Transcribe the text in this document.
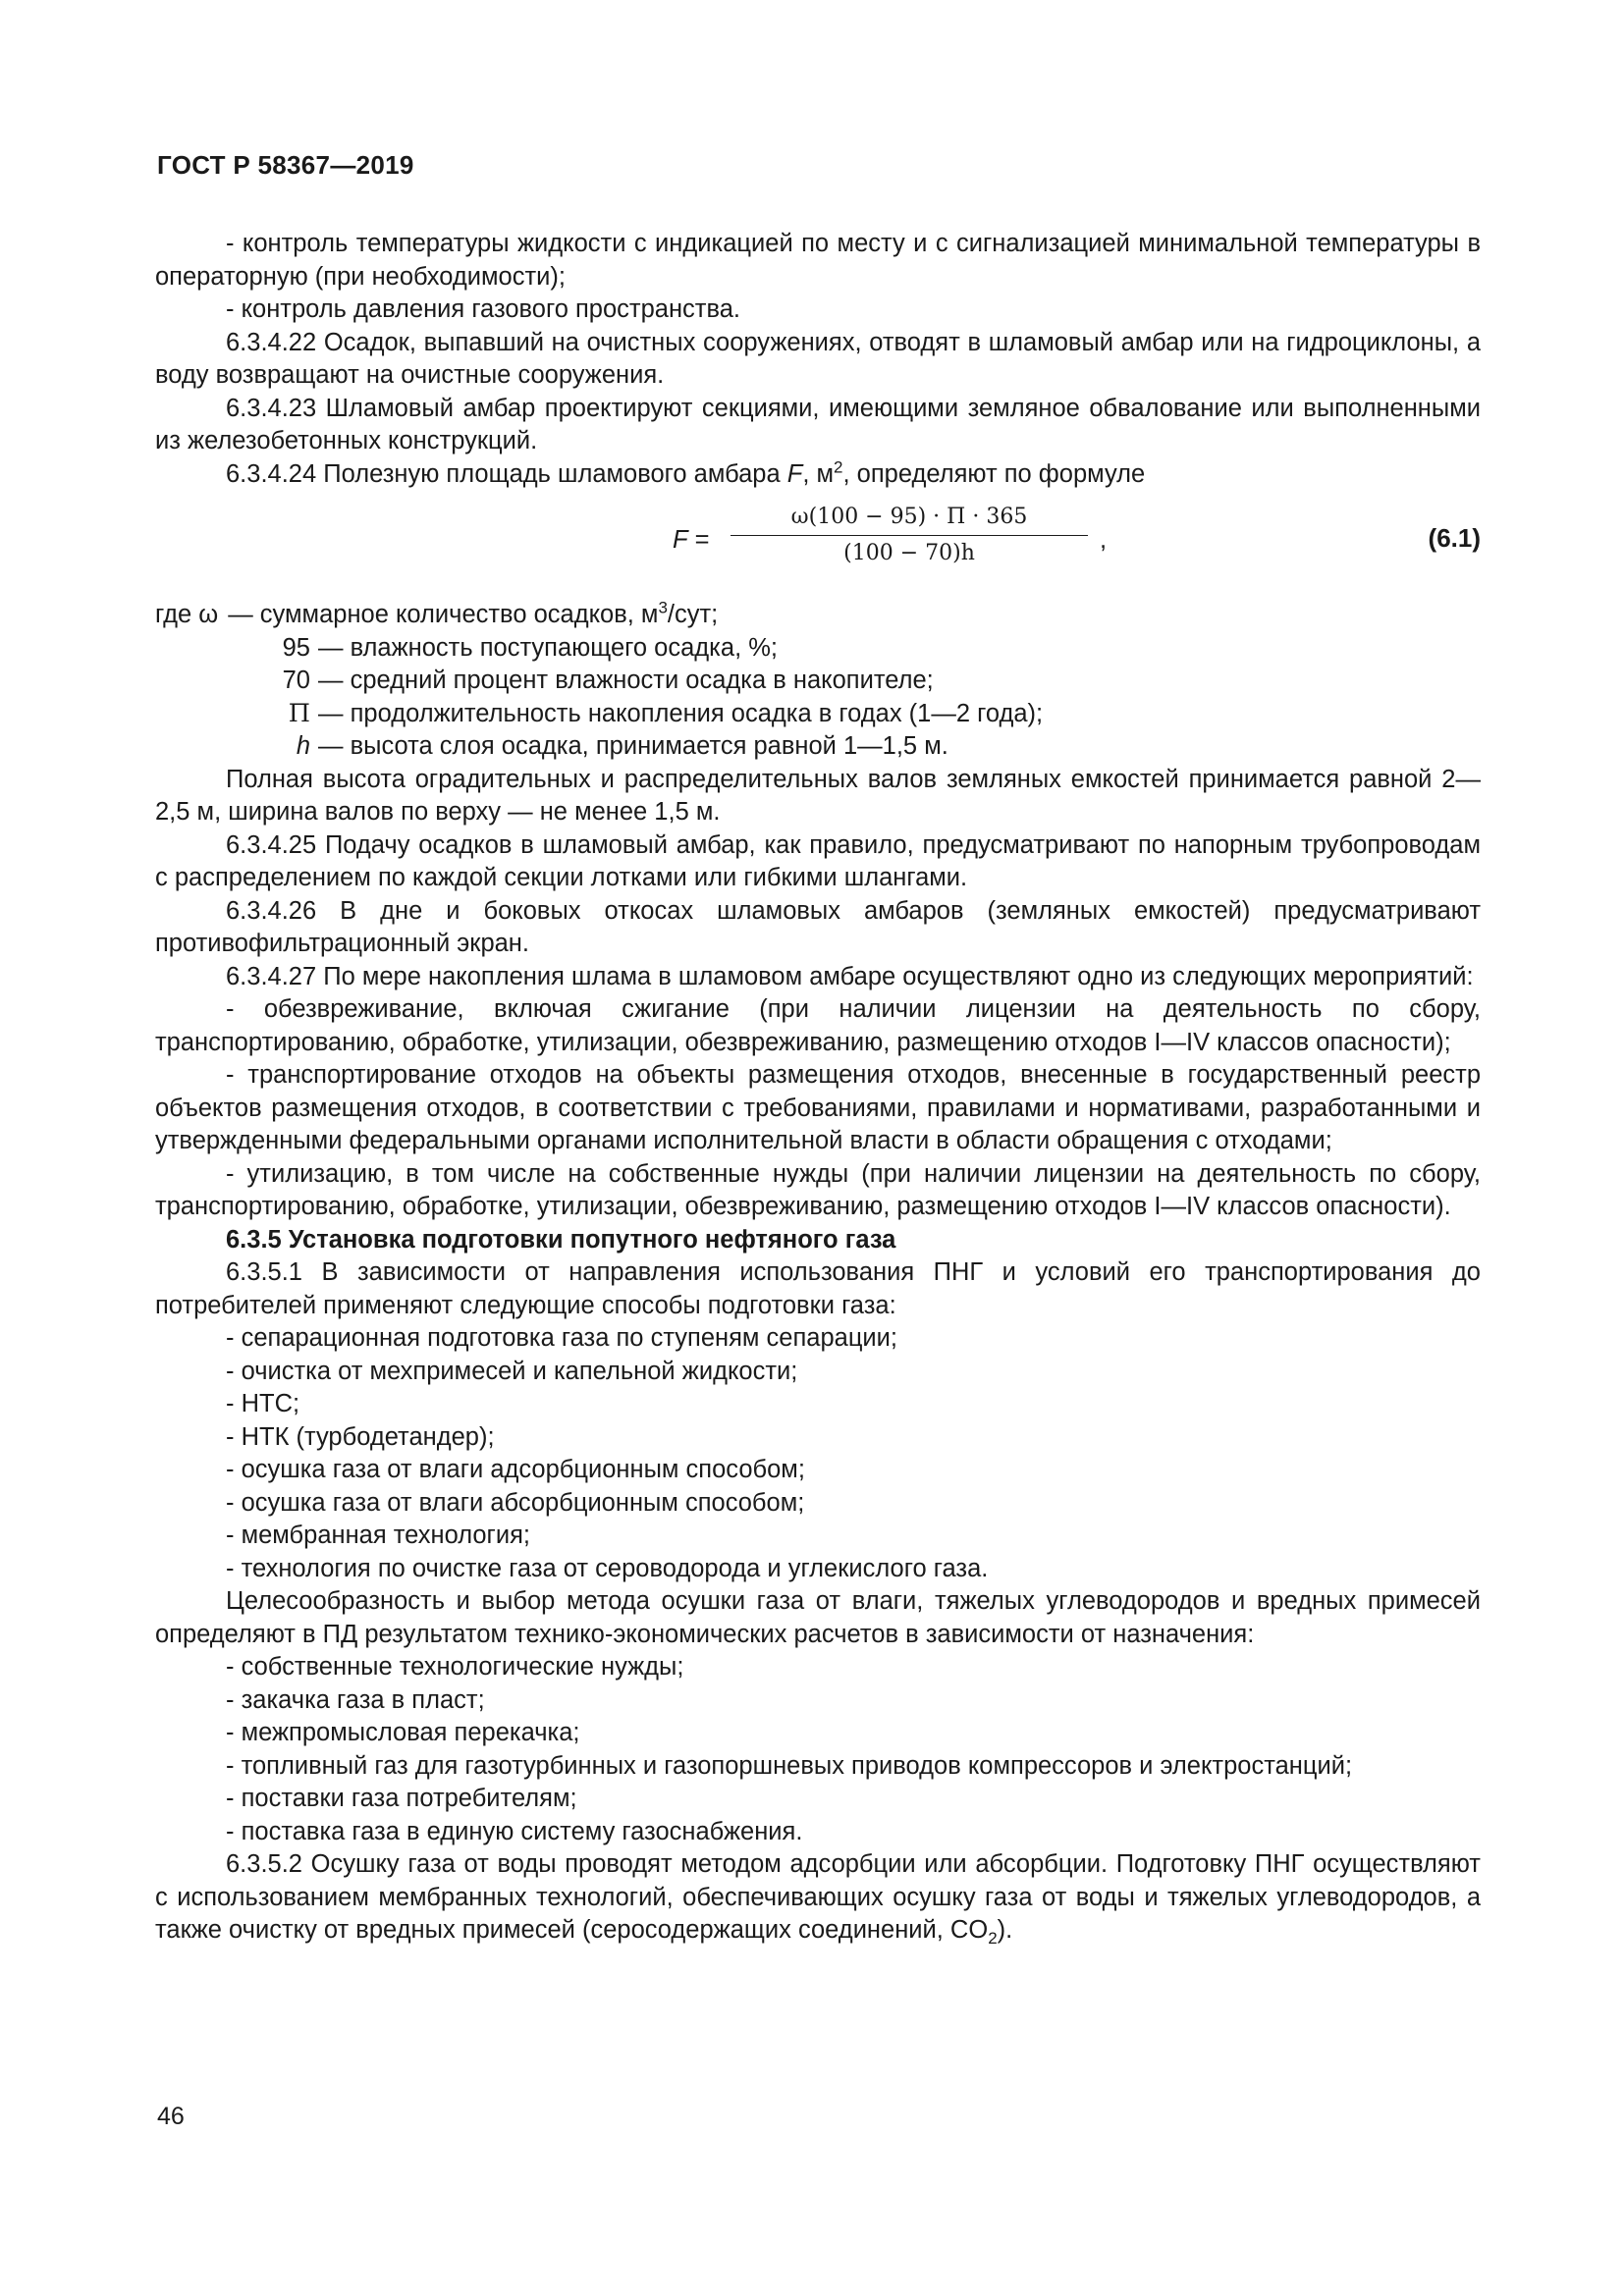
ГОСТ Р 58367—2019

- контроль температуры жидкости с индикацией по месту и с сигнализацией минимальной температуры в операторную (при необходимости);

- контроль давления газового пространства.

6.3.4.22 Осадок, выпавший на очистных сооружениях, отводят в шламовый амбар или на гидроциклоны, а воду возвращают на очистные сооружения.

6.3.4.23 Шламовый амбар проектируют секциями, имеющими земляное обвалование или выполненными из железобетонных конструкций.

6.3.4.24 Полезную площадь шламового амбара F, $м^2$, определяют по формуле

F =
ω(100 − 95) · Π · 365
(100 − 70)h	,	(6.1)
где ω — суммарное количество осадков, $м^3$/сут;
95 — влажность поступающего осадка, %;
70 — средний процент влажности осадка в накопителе;
Π — продолжительность накопления осадка в годах (1—2 года);
h — высота слоя осадка, принимается равной 1—1,5 м.

Полная высота оградительных и распределительных валов земляных емкостей принимается равной 2—2,5 м, ширина валов по верху — не менее 1,5 м.

6.3.4.25 Подачу осадков в шламовый амбар, как правило, предусматривают по напорным трубопроводам с распределением по каждой секции лотками или гибкими шлангами.

6.3.4.26 В дне и боковых откосах шламовых амбаров (земляных емкостей) предусматривают противофильтрационный экран.

6.3.4.27 По мере накопления шлама в шламовом амбаре осуществляют одно из следующих мероприятий:

- обезвреживание, включая сжигание (при наличии лицензии на деятельность по сбору, транспортированию, обработке, утилизации, обезвреживанию, размещению отходов I—IV классов опасности);

- транспортирование отходов на объекты размещения отходов, внесенные в государственный реестр объектов размещения отходов, в соответствии с требованиями, правилами и нормативами, разработанными и утвержденными федеральными органами исполнительной власти в области обращения с отходами;

- утилизацию, в том числе на собственные нужды (при наличии лицензии на деятельность по сбору, транспортированию, обработке, утилизации, обезвреживанию, размещению отходов I—IV классов опасности).

6.3.5 Установка подготовки попутного нефтяного газа

6.3.5.1 В зависимости от направления использования ПНГ и условий его транспортирования до потребителей применяют следующие способы подготовки газа:

- сепарационная подготовка газа по ступеням сепарации;

- очистка от мехпримесей и капельной жидкости;

- НТС;

- НТК (турбодетандер);

- осушка газа от влаги адсорбционным способом;

- осушка газа от влаги абсорбционным способом;

- мембранная технология;

- технология по очистке газа от сероводорода и углекислого газа.

Целесообразность и выбор метода осушки газа от влаги, тяжелых углеводородов и вредных примесей определяют в ПД результатом технико-экономических расчетов в зависимости от назначения:

- собственные технологические нужды;

- закачка газа в пласт;

- межпромысловая перекачка;

- топливный газ для газотурбинных и газопоршневых приводов компрессоров и электростанций;

- поставки газа потребителям;

- поставка газа в единую систему газоснабжения.

6.3.5.2 Осушку газа от воды проводят методом адсорбции или абсорбции. Подготовку ПНГ осуществляют с использованием мембранных технологий, обеспечивающих осушку газа от воды и тяжелых углеводородов, а также очистку от вредных примесей (серосодержащих соединений, $CO_2$).

46
